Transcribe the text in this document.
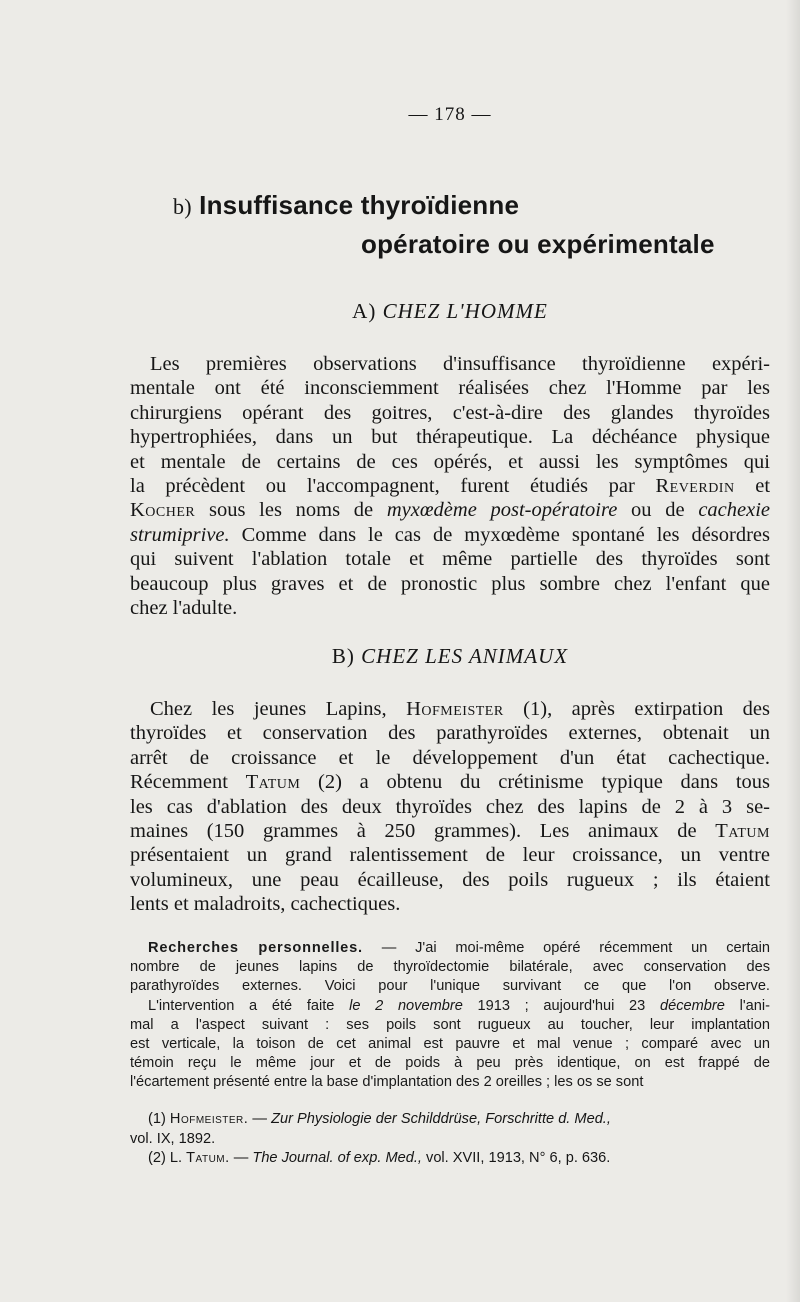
— 178 —
b) Insuffisance thyroïdienne
opératoire ou expérimentale
A) CHEZ L'HOMME
Les premières observations d'insuffisance thyroïdienne expéri-
mentale ont été inconsciemment réalisées chez l'Homme par les
chirurgiens opérant des goitres, c'est-à-dire des glandes thyroïdes
hypertrophiées, dans un but thérapeutique. La déchéance physique
et mentale de certains de ces opérés, et aussi les symptômes qui
la précèdent ou l'accompagnent, furent étudiés par Reverdin et
Kocher sous les noms de myxœdème post-opératoire ou de cachexie
strumiprive. Comme dans le cas de myxœdème spontané les désordres
qui suivent l'ablation totale et même partielle des thyroïdes sont
beaucoup plus graves et de pronostic plus sombre chez l'enfant que
chez l'adulte.
B) CHEZ LES ANIMAUX
Chez les jeunes Lapins, Hofmeister (1), après extirpation des
thyroïdes et conservation des parathyroïdes externes, obtenait un
arrêt de croissance et le développement d'un état cachectique.
Récemment Tatum (2) a obtenu du crétinisme typique dans tous
les cas d'ablation des deux thyroïdes chez des lapins de 2 à 3 se-
maines (150 grammes à 250 grammes). Les animaux de Tatum
présentaient un grand ralentissement de leur croissance, un ventre
volumineux, une peau écailleuse, des poils rugueux ; ils étaient
lents et maladroits, cachectiques.
Recherches personnelles. — J'ai moi-même opéré récemment un certain
nombre de jeunes lapins de thyroïdectomie bilatérale, avec conservation des
parathyroïdes externes. Voici pour l'unique survivant ce que l'on observe.
L'intervention a été faite le 2 novembre 1913 ; aujourd'hui 23 décembre l'ani-
mal a l'aspect suivant : ses poils sont rugueux au toucher, leur implantation
est verticale, la toison de cet animal est pauvre et mal venue ; comparé avec un
témoin reçu le même jour et de poids à peu près identique, on est frappé de
l'écartement présenté entre la base d'implantation des 2 oreilles ; les os se sont
(1) Hofmeister. — Zur Physiologie der Schilddrüse, Forschritte d. Med.,
vol. IX, 1892.
(2) L. Tatum. — The Journal. of exp. Med., vol. XVII, 1913, N° 6, p. 636.
